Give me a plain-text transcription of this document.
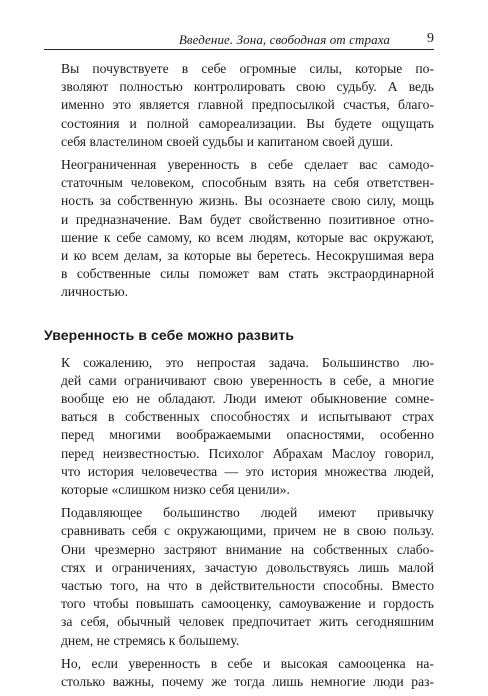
Введение. Зона, свободная от страха	9

Вы почувствуете в себе огромные силы, которые по-
зволяют полностью контролировать свою судьбу. А ведь
именно это является главной предпосылкой счастья, благо-
состояния и полной самореализации. Вы будете ощущать
себя властелином своей судьбы и капитаном своей души.

Неограниченная уверенность в себе сделает вас самодо-
статочным человеком, способным взять на себя ответствен-
ность за собственную жизнь. Вы осознаете свою силу, мощь
и предназначение. Вам будет свойственно позитивное отно-
шение к себе самому, ко всем людям, которые вас окружают,
и ко всем делам, за которые вы беретесь. Несокрушимая вера
в собственные силы поможет вам стать экстраординарной
личностью.

Уверенность в себе можно развить

К сожалению, это непростая задача. Большинство лю-
дей сами ограничивают свою уверенность в себе, а многие
вообще ею не обладают. Люди имеют обыкновение сомне-
ваться в собственных способностях и испытывают страх
перед многими воображаемыми опасностями, особенно
перед неизвестностью. Психолог Абрахам Маслоу говорил,
что история человечества — это история множества людей,
которые «слишком низко себя ценили».

Подавляющее большинство людей имеют привычку
сравнивать себя с окружающими, причем не в свою пользу.
Они чрезмерно застряют внимание на собственных слабо-
стях и ограничениях, зачастую довольствуясь лишь малой
частью того, на что в действительности способны. Вместо
того чтобы повышать самооценку, самоуважение и гордость
за себя, обычный человек предпочитает жить сегодняшним
днем, не стремясь к большему.

Но, если уверенность в себе и высокая самооценка на-
столько важны, почему же тогда лишь немногие люди раз-
